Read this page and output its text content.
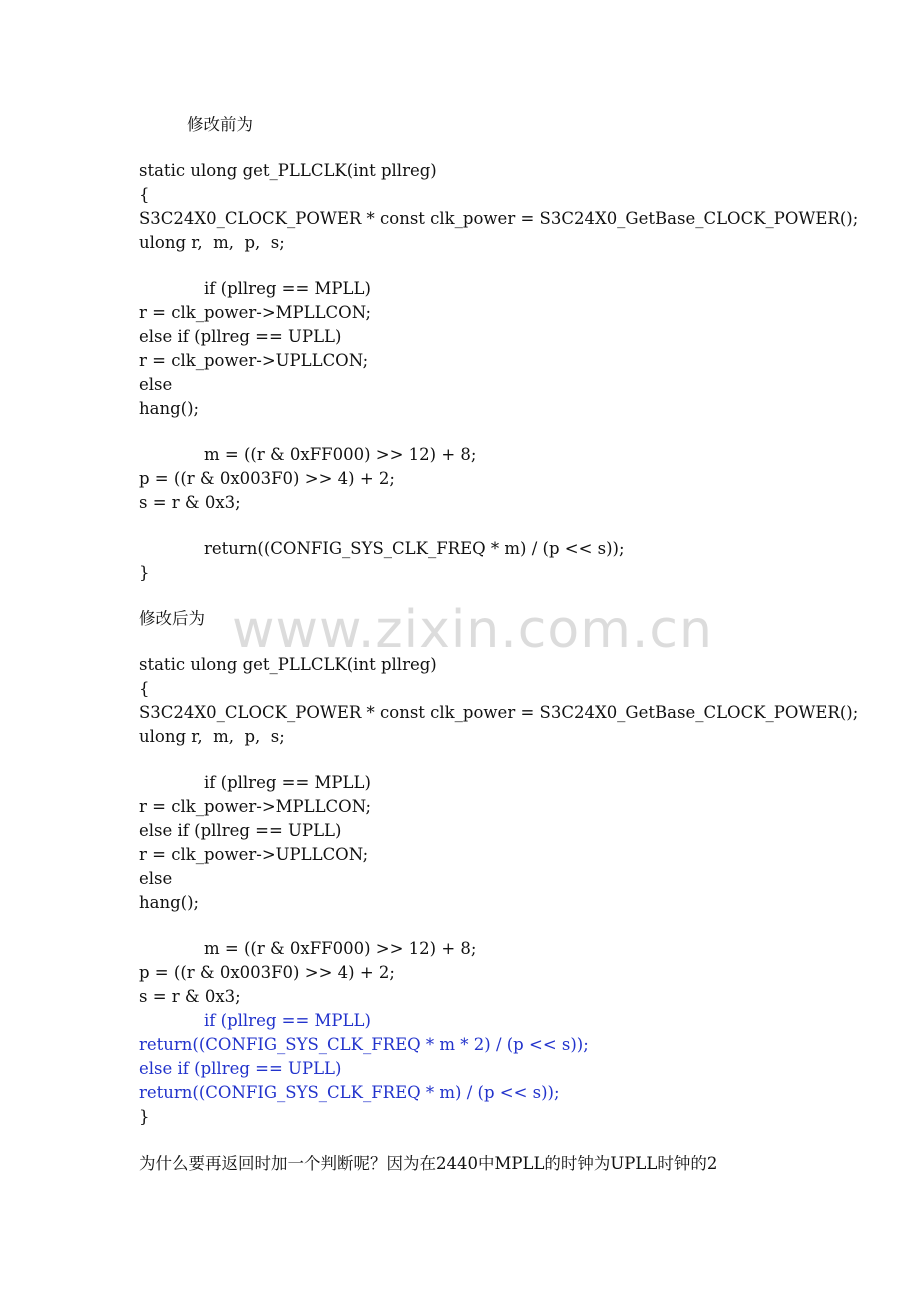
www.zixin.com.cn
修改前为
static ulong get_PLLCLK(int pllreg)
{
S3C24X0_CLOCK_POWER * const clk_power = S3C24X0_GetBase_CLOCK_POWER();
ulong r,  m,  p,  s;
if (pllreg == MPLL)
r = clk_power->MPLLCON;
else if (pllreg == UPLL)
r = clk_power->UPLLCON;
else
hang();
m = ((r & 0xFF000) >> 12) + 8;
p = ((r & 0x003F0) >> 4) + 2;
s = r & 0x3;
return((CONFIG_SYS_CLK_FREQ * m) / (p << s));
}
修改后为
static ulong get_PLLCLK(int pllreg)
{
S3C24X0_CLOCK_POWER * const clk_power = S3C24X0_GetBase_CLOCK_POWER();
ulong r,  m,  p,  s;
if (pllreg == MPLL)
r = clk_power->MPLLCON;
else if (pllreg == UPLL)
r = clk_power->UPLLCON;
else
hang();
m = ((r & 0xFF000) >> 12) + 8;
p = ((r & 0x003F0) >> 4) + 2;
s = r & 0x3;
if (pllreg == MPLL)
return((CONFIG_SYS_CLK_FREQ * m * 2) / (p << s));
else if (pllreg == UPLL)
return((CONFIG_SYS_CLK_FREQ * m) / (p << s));
}
为什么要再返回时加一个判断呢？因为在2440中MPLL的时钟为UPLL时钟的2
